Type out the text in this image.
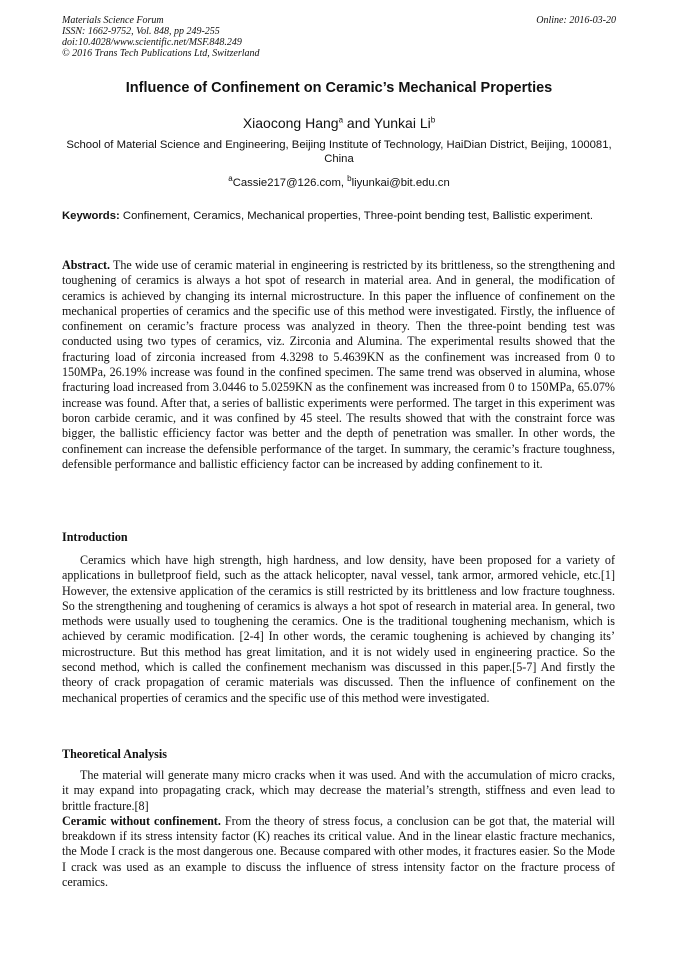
Materials Science Forum
ISSN: 1662-9752, Vol. 848, pp 249-255
doi:10.4028/www.scientific.net/MSF.848.249
© 2016 Trans Tech Publications Ltd, Switzerland
Online: 2016-03-20
Influence of Confinement on Ceramic’s Mechanical Properties
Xiaocong Hang$^a$ and Yunkai Li$^b$
School of Material Science and Engineering, Beijing Institute of Technology, HaiDian District, Beijing, 100081, China
$^a$Cassie217@126.com, $^b$liyunkai@bit.edu.cn
Keywords: Confinement, Ceramics, Mechanical properties, Three-point bending test, Ballistic experiment.
Abstract. The wide use of ceramic material in engineering is restricted by its brittleness, so the strengthening and toughening of ceramics is always a hot spot of research in material area. And in general, the modification of ceramics is achieved by changing its internal microstructure. In this paper the influence of confinement on the mechanical properties of ceramics and the specific use of this method were investigated. Firstly, the influence of confinement on ceramic’s fracture process was analyzed in theory. Then the three-point bending test was conducted using two types of ceramics, viz. Zirconia and Alumina. The experimental results showed that the fracturing load of zirconia increased from 4.3298 to 5.4639KN as the confinement was increased from 0 to 150MPa, 26.19% increase was found in the confined specimen. The same trend was observed in alumina, whose fracturing load increased from 3.0446 to 5.0259KN as the confinement was increased from 0 to 150MPa, 65.07% increase was found. After that, a series of ballistic experiments were performed. The target in this experiment was boron carbide ceramic, and it was confined by 45 steel. The results showed that with the constraint force was bigger, the ballistic efficiency factor was better and the depth of penetration was smaller. In other words, the confinement can increase the defensible performance of the target. In summary, the ceramic’s fracture toughness, defensible performance and ballistic efficiency factor can be increased by adding confinement to it.
Introduction
Ceramics which have high strength, high hardness, and low density, have been proposed for a variety of applications in bulletproof field, such as the attack helicopter, naval vessel, tank armor, armored vehicle, etc.[1] However, the extensive application of the ceramics is still restricted by its brittleness and low fracture toughness. So the strengthening and toughening of ceramics is always a hot spot of research in material area. In general, two methods were usually used to toughening the ceramics. One is the traditional toughening mechanism, which is achieved by ceramic modification. [2-4] In other words, the ceramic toughening is achieved by changing its’ microstructure. But this method has great limitation, and it is not widely used in engineering practice. So the second method, which is called the confinement mechanism was discussed in this paper.[5-7] And firstly the theory of crack propagation of ceramic materials was discussed. Then the influence of confinement on the mechanical properties of ceramics and the specific use of this method were investigated.
Theoretical Analysis
The material will generate many micro cracks when it was used. And with the accumulation of micro cracks, it may expand into propagating crack, which may decrease the material’s strength, stiffness and even lead to brittle fracture.[8]
Ceramic without confinement. From the theory of stress focus, a conclusion can be got that, the material will breakdown if its stress intensity factor (K) reaches its critical value. And in the linear elastic fracture mechanics, the Mode I crack is the most dangerous one. Because compared with other modes, it fractures easier. So the Mode I crack was used as an example to discuss the influence of stress intensity factor on the fracture process of ceramics.
